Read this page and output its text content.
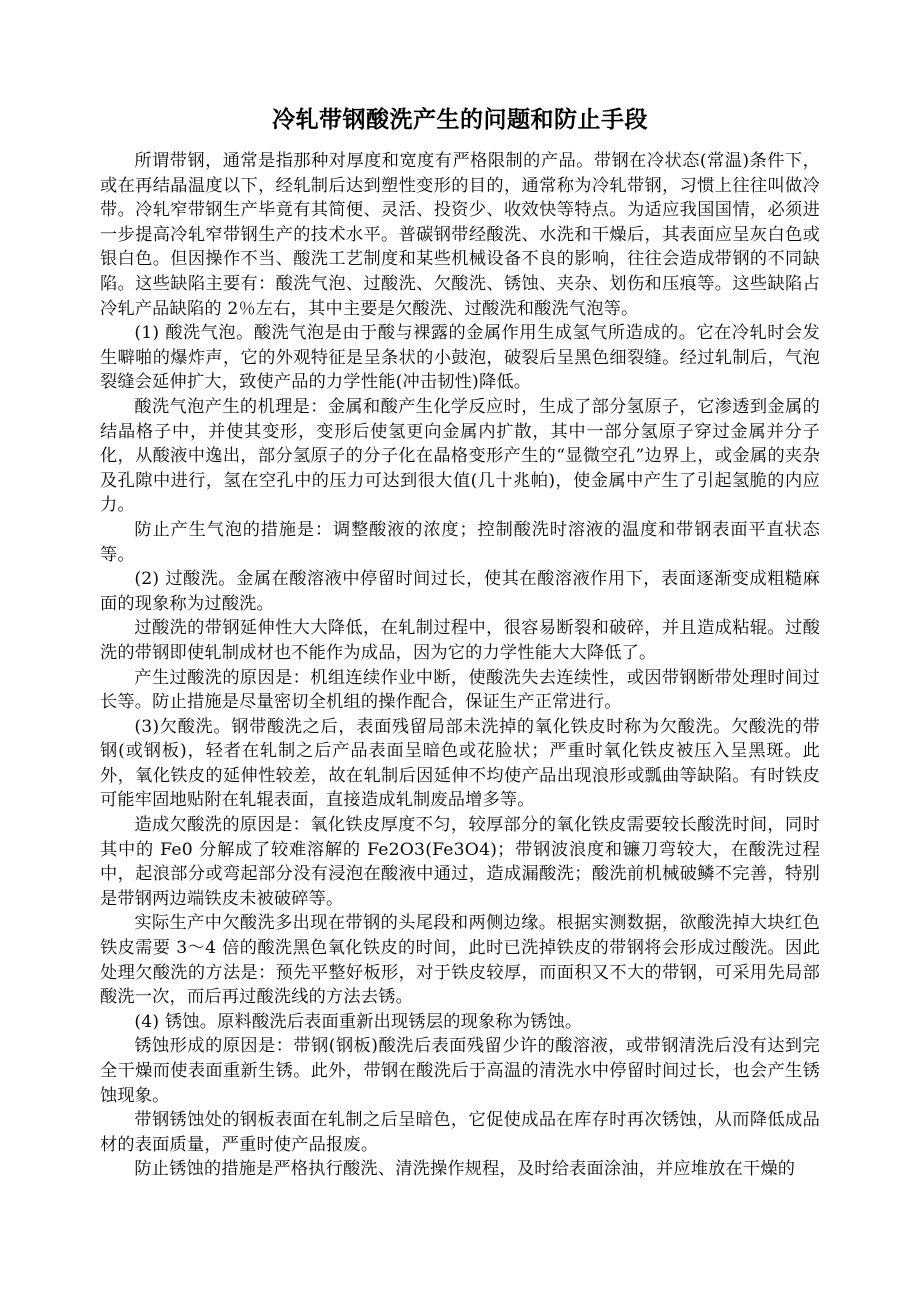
冷轧带钢酸洗产生的问题和防止手段

所谓带钢，通常是指那种对厚度和宽度有严格限制的产品。带钢在冷状态(常温)条件下，或在再结晶温度以下，经轧制后达到塑性变形的目的，通常称为冷轧带钢，习惯上往往叫做冷带。冷轧窄带钢生产毕竟有其简便、灵活、投资少、收效快等特点。为适应我国国情，必须进一步提高冷轧窄带钢生产的技术水平。普碳钢带经酸洗、水洗和干燥后，其表面应呈灰白色或银白色。但因操作不当、酸洗工艺制度和某些机械设备不良的影响，往往会造成带钢的不同缺陷。这些缺陷主要有：酸洗气泡、过酸洗、欠酸洗、锈蚀、夹杂、划伤和压痕等。这些缺陷占冷轧产品缺陷的 2％左右，其中主要是欠酸洗、过酸洗和酸洗气泡等。

(1) 酸洗气泡。酸洗气泡是由于酸与裸露的金属作用生成氢气所造成的。它在冷轧时会发生噼啪的爆炸声，它的外观特征是呈条状的小鼓泡，破裂后呈黑色细裂缝。经过轧制后，气泡裂缝会延伸扩大，致使产品的力学性能(冲击韧性)降低。

酸洗气泡产生的机理是：金属和酸产生化学反应时，生成了部分氢原子，它渗透到金属的结晶格子中，并使其变形，变形后使氢更向金属内扩散，其中一部分氢原子穿过金属并分子化，从酸液中逸出，部分氢原子的分子化在晶格变形产生的“显微空孔”边界上，或金属的夹杂及孔隙中进行，氢在空孔中的压力可达到很大值(几十兆帕)，使金属中产生了引起氢脆的内应力。

防止产生气泡的措施是：调整酸液的浓度；控制酸洗时溶液的温度和带钢表面平直状态等。

(2) 过酸洗。金属在酸溶液中停留时间过长，使其在酸溶液作用下，表面逐渐变成粗糙麻面的现象称为过酸洗。

过酸洗的带钢延伸性大大降低，在轧制过程中，很容易断裂和破碎，并且造成粘辊。过酸洗的带钢即使轧制成材也不能作为成品，因为它的力学性能大大降低了。

产生过酸洗的原因是：机组连续作业中断，使酸洗失去连续性，或因带钢断带处理时间过长等。防止措施是尽量密切全机组的操作配合，保证生产正常进行。

(3)欠酸洗。钢带酸洗之后，表面残留局部未洗掉的氧化铁皮时称为欠酸洗。欠酸洗的带钢(或钢板)，轻者在轧制之后产品表面呈暗色或花脸状；严重时氧化铁皮被压入呈黑斑。此外，氧化铁皮的延伸性较差，故在轧制后因延伸不均使产品出现浪形或瓢曲等缺陷。有时铁皮可能牢固地贴附在轧辊表面，直接造成轧制废品增多等。

造成欠酸洗的原因是：氧化铁皮厚度不匀，较厚部分的氧化铁皮需要较长酸洗时间，同时其中的 Fe0 分解成了较难溶解的 Fe2O3(Fe3O4)；带钢波浪度和镰刀弯较大，在酸洗过程中，起浪部分或弯起部分没有浸泡在酸液中通过，造成漏酸洗；酸洗前机械破鳞不完善，特别是带钢两边端铁皮未被破碎等。

实际生产中欠酸洗多出现在带钢的头尾段和两侧边缘。根据实测数据，欲酸洗掉大块红色铁皮需要 3～4 倍的酸洗黑色氧化铁皮的时间，此时已洗掉铁皮的带钢将会形成过酸洗。因此处理欠酸洗的方法是：预先平整好板形，对于铁皮较厚，而面积又不大的带钢，可采用先局部酸洗一次，而后再过酸洗线的方法去锈。

(4) 锈蚀。原料酸洗后表面重新出现锈层的现象称为锈蚀。

锈蚀形成的原因是：带钢(钢板)酸洗后表面残留少许的酸溶液，或带钢清洗后没有达到完全干燥而使表面重新生锈。此外，带钢在酸洗后于高温的清洗水中停留时间过长，也会产生锈蚀现象。

带钢锈蚀处的钢板表面在轧制之后呈暗色，它促使成品在库存时再次锈蚀，从而降低成品材的表面质量，严重时使产品报废。

防止锈蚀的措施是严格执行酸洗、清洗操作规程，及时给表面涂油，并应堆放在干燥的
